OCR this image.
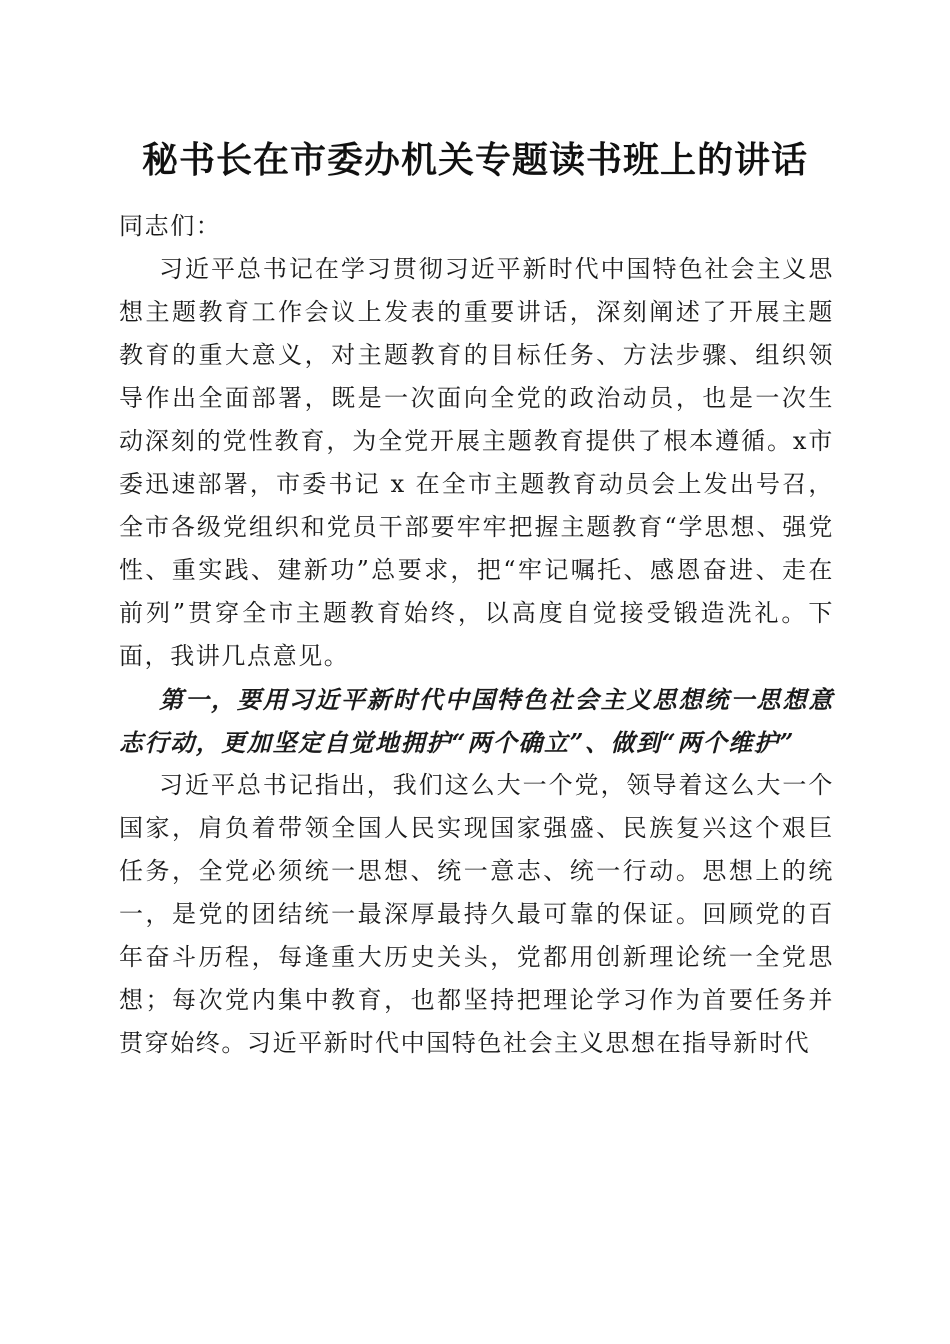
秘书长在市委办机关专题读书班上的讲话

同志们：

习近平总书记在学习贯彻习近平新时代中国特色社会主义思想主题教育工作会议上发表的重要讲话，深刻阐述了开展主题教育的重大意义，对主题教育的目标任务、方法步骤、组织领导作出全面部署，既是一次面向全党的政治动员，也是一次生动深刻的党性教育，为全党开展主题教育提供了根本遵循。x市委迅速部署，市委书记 x 在全市主题教育动员会上发出号召，全市各级党组织和党员干部要牢牢把握主题教育“学思想、强党性、重实践、建新功”总要求，把“牢记嘱托、感恩奋进、走在前列”贯穿全市主题教育始终，以高度自觉接受锻造洗礼。下面，我讲几点意见。

第一，要用习近平新时代中国特色社会主义思想统一思想意志行动，更加坚定自觉地拥护“两个确立”、做到“两个维护”

习近平总书记指出，我们这么大一个党，领导着这么大一个国家，肩负着带领全国人民实现国家强盛、民族复兴这个艰巨任务，全党必须统一思想、统一意志、统一行动。思想上的统一，是党的团结统一最深厚最持久最可靠的保证。回顾党的百年奋斗历程，每逢重大历史关头，党都用创新理论统一全党思想；每次党内集中教育，也都坚持把理论学习作为首要任务并贯穿始终。习近平新时代中国特色社会主义思想在指导新时代
